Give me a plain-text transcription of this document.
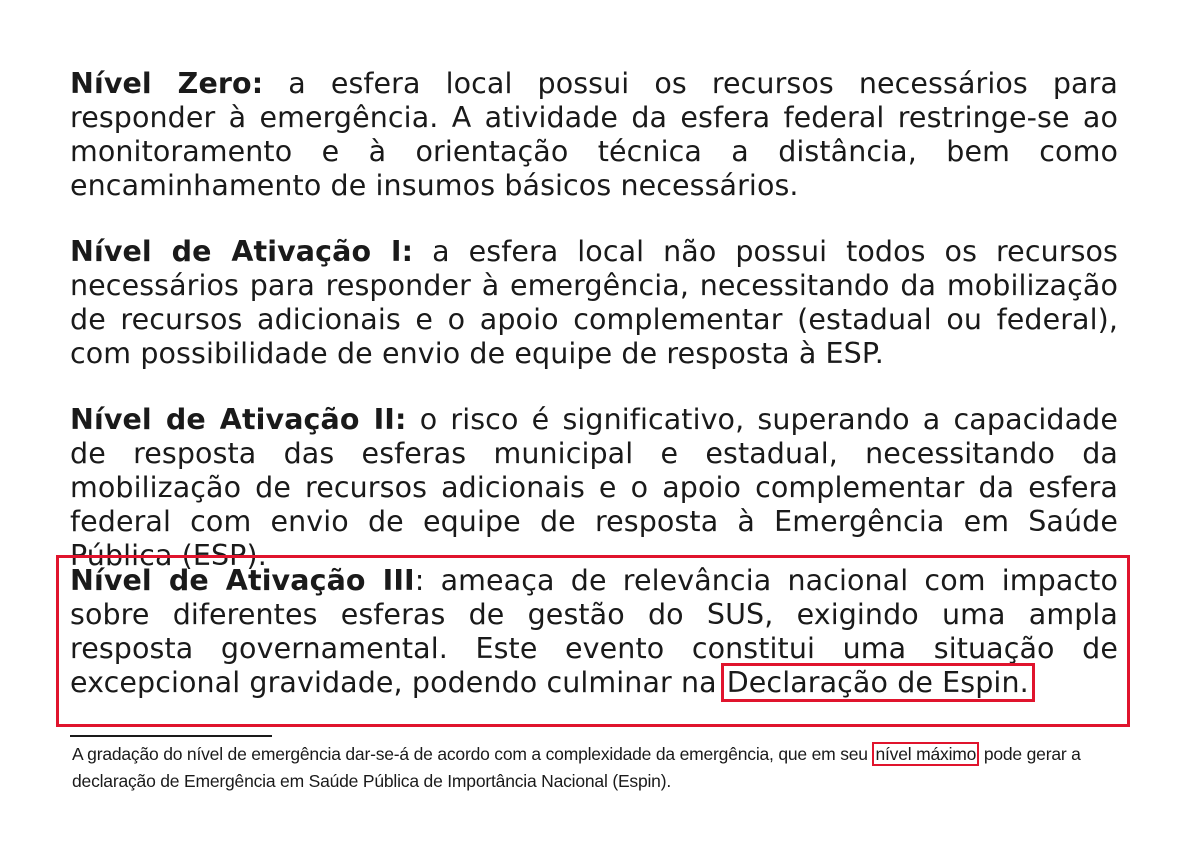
Nível Zero: a esfera local possui os recursos necessários para responder à emergência. A atividade da esfera federal restringe-se ao monitoramento e à orientação técnica a distância, bem como encaminhamento de insumos básicos necessários.
Nível de Ativação I: a esfera local não possui todos os recursos necessários para responder à emergência, necessitando da mobilização de recursos adicionais e o apoio complementar (estadual ou federal), com possibilidade de envio de equipe de resposta à ESP.
Nível de Ativação II: o risco é significativo, superando a capacidade de resposta das esferas municipal e estadual, necessitando da mobilização de recursos adicionais e o apoio complementar da esfera federal com envio de equipe de resposta à Emergência em Saúde Pública (ESP).
Nível de Ativação III: ameaça de relevância nacional com impacto sobre diferentes esferas de gestão do SUS, exigindo uma ampla resposta governamental. Este evento constitui uma situação de excepcional gravidade, podendo culminar na Declaração de Espin.
A gradação do nível de emergência dar-se-á de acordo com a complexidade da emergência, que em seu nível máximo pode gerar a declaração de Emergência em Saúde Pública de Importância Nacional (Espin).
